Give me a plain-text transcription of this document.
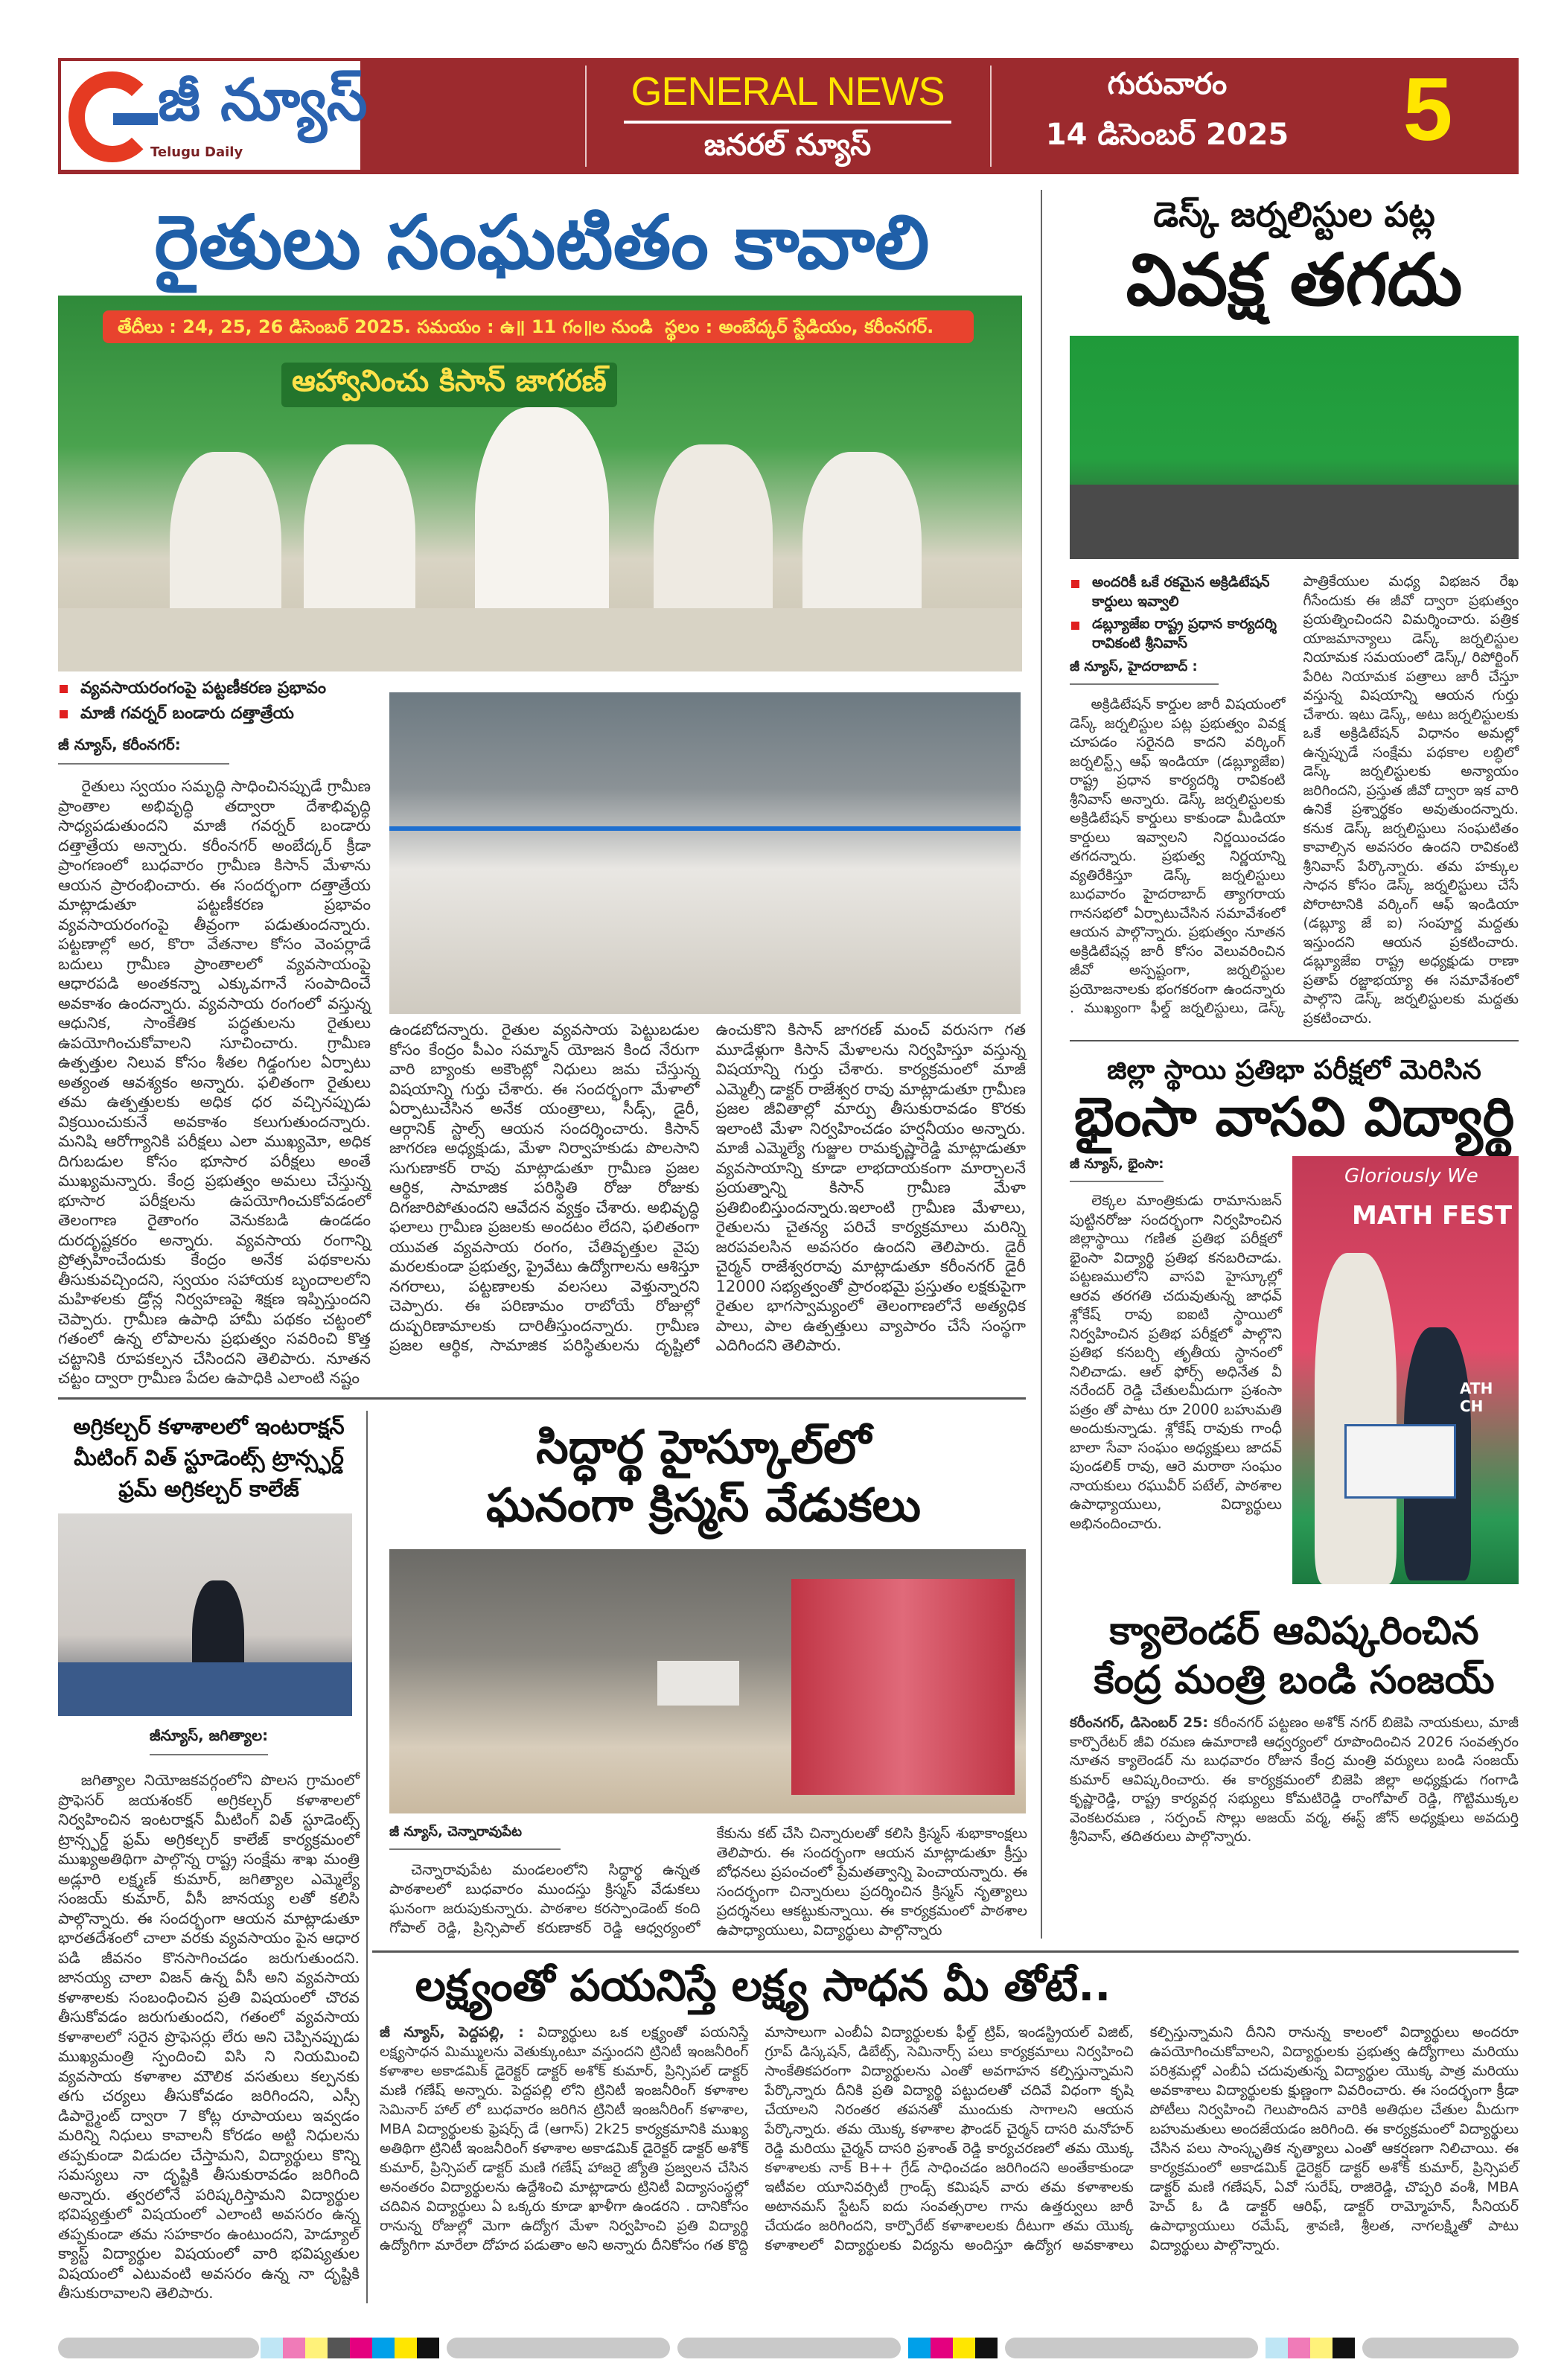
జీ న్యూస్
Telugu Daily
GENERAL NEWS
జనరల్ న్యూస్
గురువారం
14 డిసెంబర్ 2025	5
రైతులు సంఘటితం కావాలి
తేదీలు : 24, 25, 26 డిసెంబర్ 2025. సమయం : ఉ॥ 11 గం॥ల నుండి స్థలం : అంబేద్కర్ స్టేడియం, కరీంనగర్.
ఆహ్వానించు కిసాన్ జాగరణ్
వ్యవసాయరంగంపై పట్టణీకరణ ప్రభావం
మాజీ గవర్నర్ బండారు దత్తాత్రేయ
జీ న్యూస్, కరీంనగర్:
రైతులు స్వయం సమృద్ధి సాధించినప్పుడే గ్రామీణ ప్రాంతాల అభివృద్ధి తద్వారా దేశాభివృద్ధి సాధ్యపడుతుందని మాజీ గవర్నర్ బండారు దత్తాత్రేయ అన్నారు. కరీంనగర్ అంబేద్కర్ క్రీడా ప్రాంగణంలో బుధవారం గ్రామీణ కిసాన్ మేళాను ఆయన ప్రారంభించారు. ఈ సందర్భంగా దత్తాత్రేయ మాట్లాడుతూ పట్టణీకరణ ప్రభావం వ్యవసాయరంగంపై తీవ్రంగా పడుతుందన్నారు. పట్టణాల్లో అర, కొరా వేతనాల కోసం వెంపర్లాడే బదులు గ్రామీణ ప్రాంతాలలో వ్యవసాయంపై ఆధారపడి అంతకన్నా ఎక్కువగానే సంపాదించే అవకాశం ఉందన్నారు. వ్యవసాయ రంగంలో వస్తున్న ఆధునిక, సాంకేతిక పద్ధతులను రైతులు ఉపయోగించుకోవాలని సూచించారు. గ్రామీణ ఉత్పత్తుల నిలువ కోసం శీతల గిడ్డంగుల ఏర్పాటు అత్యంత ఆవశ్యకం అన్నారు. ఫలితంగా రైతులు తమ ఉత్పత్తులకు అధిక ధర వచ్చినప్పుడు విక్రయించుకునే అవకాశం కలుగుతుందన్నారు. మనిషి ఆరోగ్యానికి పరీక్షలు ఎలా ముఖ్యమో, అధిక దిగుబడుల కోసం భూసార పరీక్షలు అంతే ముఖ్యమన్నారు. కేంద్ర ప్రభుత్వం అమలు చేస్తున్న భూసార పరీక్షలను ఉపయోగించుకోవడంలో తెలంగాణ రైతాంగం వెనుకబడి ఉండడం దురదృష్టకరం అన్నారు. వ్యవసాయ రంగాన్ని ప్రోత్సహించేందుకు కేంద్రం అనేక పథకాలను తీసుకువచ్చిందని, స్వయం సహాయక బృందాలలోని మహిళలకు డ్రోన్ల నిర్వహణపై శిక్షణ ఇప్పిస్తుందని చెప్పారు. గ్రామీణ ఉపాధి హామీ పథకం చట్టంలో గతంలో ఉన్న లోపాలను ప్రభుత్వం సవరించి కొత్త చట్టానికి రూపకల్పన చేసిందని తెలిపారు. నూతన చట్టం ద్వారా గ్రామీణ పేదల ఉపాధికి ఎలాంటి నష్టం
ఉండబోదన్నారు. రైతుల వ్యవసాయ పెట్టుబడుల కోసం కేంద్రం పీఎం సమ్మాన్ యోజన కింద నేరుగా వారి బ్యాంకు అకౌంట్లో నిధులు జమ చేస్తున్న విషయాన్ని గుర్తు చేశారు. ఈ సందర్భంగా మేళాలో ఏర్పాటుచేసిన అనేక యంత్రాలు, సీడ్స్, డైరీ, ఆర్గానిక్ స్టాల్స్ ఆయన సందర్శించారు. కిసాన్ జాగరణ అధ్యక్షుడు, మేళా నిర్వాహకుడు పొలసాని సుగుణాకర్ రావు మాట్లాడుతూ గ్రామీణ ప్రజల ఆర్థిక, సామాజిక పరిస్థితి రోజు రోజుకు దిగజారిపోతుందని ఆవేదన వ్యక్తం చేశారు. అభివృద్ధి ఫలాలు గ్రామీణ ప్రజలకు అందటం లేదని, ఫలితంగా యువత వ్యవసాయ రంగం, చేతివృత్తుల వైపు మరలకుండా ప్రభుత్వ, ప్రైవేటు ఉద్యోగాలను ఆశిస్తూ నగరాలు, పట్టణాలకు వలసలు వెళ్తున్నారని చెప్పారు. ఈ పరిణామం రాబోయే రోజుల్లో దుష్పరిణామాలకు దారితీస్తుందన్నారు. గ్రామీణ ప్రజల ఆర్థిక, సామాజిక పరిస్థితులను దృష్టిలో ఉంచుకొని కిసాన్ జాగరణ్ మంచ్ వరుసగా గత మూడేళ్లుగా కిసాన్ మేళాలను నిర్వహిస్తూ వస్తున్న విషయాన్ని గుర్తు చేశారు. కార్యక్రమంలో మాజీ ఎమ్మెల్సీ డాక్టర్ రాజేశ్వర రావు మాట్లాడుతూ గ్రామీణ ప్రజల జీవితాల్లో మార్పు తీసుకురావడం కొరకు ఇలాంటి మేళా నిర్వహించడం హర్షనీయం అన్నారు. మాజీ ఎమ్మెల్యే గుజ్జుల రామకృష్ణారెడ్డి మాట్లాడుతూ వ్యవసాయాన్ని కూడా లాభదాయకంగా మార్చాలనే ప్రయత్నాన్ని కిసాన్ గ్రామీణ మేళా ప్రతిబింబిస్తుందన్నారు.ఇలాంటి గ్రామీణ మేళాలు, రైతులను చైతన్య పరిచే కార్యక్రమాలు మరిన్ని జరపవలసిన అవసరం ఉందని తెలిపారు. డైరీ చైర్మన్ రాజేశ్వరరావు మాట్లాడుతూ కరీంనగర్ డైరీ 12000 సభ్యత్వంతో ప్రారంభమై ప్రస్తుతం లక్షకుపైగా రైతుల భాగస్వామ్యంలో తెలంగాణలోనే అత్యధిక పాలు, పాల ఉత్పత్తులు వ్యాపారం చేసే సంస్థగా ఎదిగిందని తెలిపారు.
డెస్క్ జర్నలిస్టుల పట్ల
వివక్ష తగదు
అందరికీ ఒకే రకమైన అక్రిడిటేషన్ కార్డులు ఇవ్వాలి
డబ్ల్యూజేఐ రాష్ట్ర ప్రధాన కార్యదర్శి రావికంటి శ్రీనివాస్
జీ న్యూస్, హైదరాబాద్ :
అక్రిడిటేషన్ కార్డుల జారీ విషయంలో డెస్క్ జర్నలిస్టుల పట్ల ప్రభుత్వం వివక్ష చూపడం సరైనది కాదని వర్కింగ్ జర్నలిస్ట్స్ ఆఫ్ ఇండియా (డబ్ల్యూజేఐ) రాష్ట్ర ప్రధాన కార్యదర్శి రావికంటి శ్రీనివాస్ అన్నారు. డెస్క్ జర్నలిస్టులకు అక్రిడిటేషన్ కార్డులు కాకుండా మీడియా కార్డులు ఇవ్వాలని నిర్ణయించడం తగదన్నారు. ప్రభుత్వ నిర్ణయాన్ని వ్యతిరేకిస్తూ డెస్క్ జర్నలిస్టులు బుధవారం హైదరాబాద్ త్యాగరాయ గానసభలో ఏర్పాటుచేసిన సమావేశంలో ఆయన పాల్గొన్నారు. ప్రభుత్వం నూతన అక్రిడిటేషన్ల జారీ కోసం వెలువరించిన జీవో అస్పష్టంగా, జర్నలిస్టుల ప్రయోజనాలకు భంగకరంగా ఉందన్నారు . ముఖ్యంగా ఫీల్డ్ జర్నలిస్టులు, డెస్క్ పాత్రికేయుల మధ్య విభజన రేఖ గీసేందుకు ఈ జీవో ద్వారా ప్రభుత్వం ప్రయత్నించిందని విమర్శించారు. పత్రిక యాజమాన్యాలు డెస్క్ జర్నలిస్టుల నియామక సమయంలో డెస్క్/ రిపోర్టింగ్ పేరిట నియామక పత్రాలు జారీ చేస్తూ వస్తున్న విషయాన్ని ఆయన గుర్తు చేశారు. ఇటు డెస్క్, అటు జర్నలిస్టులకు ఒకే అక్రిడిటేషన్ విధానం అమల్లో ఉన్నప్పుడే సంక్షేమ పథకాల లబ్ధిలో డెస్క్ జర్నలిస్టులకు అన్యాయం జరిగిందని, ప్రస్తుత జీవో ద్వారా ఇక వారి ఉనికే ప్రశ్నార్థకం అవుతుందన్నారు. కనుక డెస్క్ జర్నలిస్టులు సంఘటితం కావాల్సిన అవసరం ఉందని రావికంటి శ్రీనివాస్ పేర్కొన్నారు. తమ హక్కుల సాధన కోసం డెస్క్ జర్నలిస్టులు చేసే పోరాటానికి వర్కింగ్ ఆఫ్ ఇండియా (డబ్ల్యూ జే ఐ) సంపూర్ణ మద్దతు ఇస్తుందని ఆయన ప్రకటించారు. డబ్ల్యూజేఐ రాష్ట్ర అధ్యక్షుడు రాణా ప్రతాప్ రజ్జాభయ్యా ఈ సమావేశంలో పాల్గొని డెస్క్ జర్నలిస్టులకు మద్దతు ప్రకటించారు.
జిల్లా స్థాయి ప్రతిభా పరీక్షలో మెరిసిన
భైంసా వాసవి విద్యార్థి
జీ న్యూస్, భైంసా:
లెక్కల మాంత్రికుడు రామానుజన్ పుట్టినరోజు సందర్భంగా నిర్వహించిన జిల్లాస్థాయి గణిత ప్రతిభ పరీక్షలో భైంసా విద్యార్థి ప్రతిభ కనబరిచాడు. పట్టణములోని వాసవి హైస్కూల్లో ఆరవ తరగతి చదువుతున్న జాధవ్ శ్లోకేష్ రావు ఐఐటి స్థాయిలో నిర్వహించిన ప్రతిభ పరీక్షలో పాల్గొని ప్రతిభ కనబర్చి తృతీయ స్థానంలో నిలిచాడు. ఆల్ ఫోర్స్ అధినేత వీ నరేందర్ రెడ్డి చేతులమీదుగా ప్రశంసా పత్రం తో పాటు రూ 2000 బహుమతి అందుకున్నాడు. శ్లోకేష్ రావుకు గాంధీ బాలా సేవా సంఘం అధ్యక్షులు జాదవ్ పుండలిక్ రావు, ఆరె మరాఠా సంఘం నాయకులు రఘువీర్ పటేల్, పాఠశాల ఉపాధ్యాయులు, విద్యార్థులు అభినందించారు.
Gloriously We
MATH FEST
ATH CH
క్యాలెండర్ ఆవిష్కరించిన కేంద్ర మంత్రి బండి సంజయ్
కరీంనగర్, డిసెంబర్ 25: కరీంనగర్ పట్టణం అశోక్ నగర్ బిజెపి నాయకులు, మాజీ కార్పొరేటర్ జీవి రమణ ఉమారాణి ఆధ్వర్యంలో రూపొందించిన 2026 సంవత్సరం నూతన క్యాలెండర్ ను బుధవారం రోజున కేంద్ర మంత్రి వర్యులు బండి సంజయ్ కుమార్ ఆవిష్కరించారు. ఈ కార్యక్రమంలో బిజెపి జిల్లా అధ్యక్షుడు గంగాడి కృష్ణారెడ్డి, రాష్ట్ర కార్యవర్గ సభ్యులు కోమటిరెడ్డి రాంగోపాల్ రెడ్డి, గొట్టిముక్కల వెంకటరమణ , సర్పంచ్ సొల్లు అజయ్ వర్మ, ఈస్ట్ జోన్ అధ్యక్షులు అవదుర్తి శ్రీనివాస్, తదితరులు పాల్గొన్నారు.
అగ్రికల్చర్ కళాశాలలో ఇంటరాక్షన్ మీటింగ్ విత్ స్టూడెంట్స్ ట్రాన్స్ఫర్డ్ ఫ్రమ్ అగ్రికల్చర్ కాలేజ్
జీన్యూస్, జగిత్యాల:
జగిత్యాల నియోజకవర్గంలోని పొలస గ్రామంలో ప్రొఫెసర్ జయశంకర్ అగ్రికల్చర్ కళాశాలలో నిర్వహించిన ఇంటరాక్షన్ మీటింగ్ విత్ స్టూడెంట్స్ ట్రాన్స్ఫర్డ్ ఫ్రమ్ అగ్రికల్చర్ కాలేజ్ కార్యక్రమంలో ముఖ్యఅతిథిగా పాల్గొన్న రాష్ట్ర సంక్షేమ శాఖ మంత్రి అడ్లూరి లక్ష్మణ్ కుమార్, జగిత్యాల ఎమ్మెల్యే సంజయ్ కుమార్, వీసీ జానయ్య లతో కలిసి పాల్గొన్నారు. ఈ సందర్భంగా ఆయన మాట్లాడుతూ భారతదేశంలో చాలా వరకు వ్యవసాయం పైన ఆధార పడి జీవనం కొనసాగించడం జరుగుతుందని. జానయ్య చాలా విజన్ ఉన్న వీసీ అని వ్యవసాయ కళాశాలకు సంబంధించిన ప్రతి విషయంలో చొరవ తీసుకోవడం జరుగుతుందని, గతంలో వ్యవసాయ కళాశాలలో సరైన ప్రొఫెసర్లు లేరు అని చెప్పినప్పుడు ముఖ్యమంత్రి స్పందించి విసి ని నియమించి వ్యవసాయ కళాశాల మౌలిక వసతులు కల్పనకు తగు చర్యలు తీసుకోవడం జరిగిందని, ఎస్సీ డిపార్ట్మెంట్ ద్వారా 7 కోట్ల రూపాయలు ఇవ్వడం మరిన్ని నిధులు కావాలనీ కోరడం అట్టి నిధులను తప్పకుండా విడుదల చేస్తామని, విద్యార్థులు కొన్ని సమస్యలు నా దృష్టికి తీసుకురావడం జరిగింది అన్నారు. త్వరలోనే పరిష్కరిస్తామని విద్యార్థుల భవిష్యత్తులో విషయంలో ఎలాంటి అవసరం ఉన్న తప్పకుండా తమ సహకారం ఉంటుందని, హెడ్యూల్ క్యాస్ట్ విద్యార్థుల విషయంలో వారి భవిష్యతుల విషయంలో ఎటువంటి అవసరం ఉన్న నా దృష్టికి తీసుకురావాలని తెలిపారు.
సిద్ధార్థ హైస్కూల్‌లో
ఘనంగా క్రిస్మస్ వేడుకలు
జీ న్యూస్, చెన్నారావుపేట
చెన్నారావుపేట మండలంలోని సిద్ధార్థ ఉన్నత పాఠశాలలో బుధవారం ముందస్తు క్రిస్మస్ వేడుకలు ఘనంగా జరుపుకున్నారు. పాఠశాల కరస్పాండెంట్ కంది గోపాల్ రెడ్డి, ప్రిన్సిపాల్ కరుణాకర్ రెడ్డి ఆధ్వర్యంలో కేకును కట్ చేసి చిన్నారులతో కలిసి క్రిస్మస్ శుభాకాంక్షలు తెలిపారు. ఈ సందర్భంగా ఆయన మాట్లాడుతూ క్రీస్తు బోధనలు ప్రపంచంలో ప్రేమతత్వాన్ని పెంచాయన్నారు. ఈ సందర్భంగా చిన్నారులు ప్రదర్శించిన క్రిస్మస్ నృత్యాలు ప్రదర్శనలు ఆకట్టుకున్నాయి. ఈ కార్యక్రమంలో పాఠశాల ఉపాధ్యాయులు, విద్యార్థులు పాల్గొన్నారు
లక్ష్యంతో పయనిస్తే లక్ష్య సాధన మీ తోటే..
జీ న్యూస్, పెద్దపల్లి, : విద్యార్థులు ఒక లక్ష్యంతో పయనిస్తే లక్ష్యసాధన మిమ్ములను వెతుక్కుంటూ వస్తుందని ట్రినిటీ ఇంజనీరింగ్ కళాశాల అకాడమిక్ డైరెక్టర్ డాక్టర్ అశోక్ కుమార్, ప్రిన్సిపల్ డాక్టర్ మణి గణేష్ అన్నారు. పెద్దపల్లి లోని ట్రినిటీ ఇంజనీరింగ్ కళాశాల సెమినార్ హాల్ లో బుధవారం జరిగిన ట్రినిటీ ఇంజనీరింగ్ కళాశాల, MBA విద్యార్థులకు ఫ్రెషర్స్ డే (ఆగాస్) 2k25 కార్యక్రమానికి ముఖ్య అతిథిగా ట్రినిటీ ఇంజనీరింగ్ కళాశాల అకాడమిక్ డైరెక్టర్ డాక్టర్ అశోక్ కుమార్, ప్రిన్సిపల్ డాక్టర్ మణి గణేష్ హాజరై జ్యోతి ప్రజ్వలన చేసిన అనంతరం విద్యార్థులను ఉద్దేశించి మాట్లాడారు ట్రినిటీ విద్యాసంస్థల్లో చదివిన విద్యార్థులు ఏ ఒక్కరు కూడా ఖాళీగా ఉండరని . దానికోసం రానున్న రోజుల్లో మెగా ఉద్యోగ మేళా నిర్వహించి ప్రతి విద్యార్థి ఉద్యోగిగా మారేలా దోహద పడుతాం అని అన్నారు దీనికోసం గత కొద్ది మాసాలుగా ఎంబీఏ విద్యార్థులకు ఫీల్డ్ ట్రిప్, ఇండస్ట్రియల్ విజిట్, గ్రూప్ డిస్కషన్, డిబేట్స్, సెమినార్స్ పలు కార్యక్రమాలు నిర్వహించి సాంకేతికపరంగా విద్యార్థులను ఎంతో అవగాహన కల్పిస్తున్నామని పేర్కొన్నారు దీనికి ప్రతి విద్యార్థి పట్టుదలతో చదివే విధంగా కృషి చేయాలని నిరంతర తపనతో ముందుకు సాగాలని ఆయన పేర్కొన్నారు. తమ యొక్క కళాశాల ఫౌండర్ చైర్మన్ దాసరి మనోహర్ రెడ్డి మరియు చైర్మన్ దాసరి ప్రశాంత్ రెడ్డి కార్యచరణలో తమ యొక్క కళాశాలకు నాక్ B++ గ్రేడ్ సాధించడం జరిగిందని అంతేకాకుండా ఇటీవల యూనివర్సిటీ గ్రాండ్స్ కమిషన్ వారు తమ కళాశాలకు అటానమస్ స్టేటస్ ఐదు సంవత్సరాల గాను ఉత్తర్వులు జారీ చేయడం జరిగిందని, కార్పొరేట్ కళాశాలలకు దీటుగా తమ యొక్క కళాశాలలో విద్యార్థులకు విద్యను అందిస్తూ ఉద్యోగ అవకాశాలు కల్పిస్తున్నామని దీనిని రానున్న కాలంలో విద్యార్థులు అందరూ ఉపయోగించుకోవాలని, విద్యార్థులకు ప్రభుత్వ ఉద్యోగాలు మరియు పరిశ్రమల్లో ఎంబీఏ చదువుతున్న విద్యార్థుల యొక్క పాత్ర మరియు అవకాశాలు విద్యార్థులకు క్షుణ్ణంగా వివరించారు. ఈ సందర్భంగా క్రీడా పోటీలు నిర్వహించి గెలుపొందిన వారికి అతిథుల చేతుల మీదుగా బహుమతులు అందజేయడం జరిగింది. ఈ కార్యక్రమంలో విద్యార్థులు చేసిన పలు సాంస్కృతిక నృత్యాలు ఎంతో ఆకర్షణగా నిలిచాయి. ఈ కార్యక్రమంలో అకాడమిక్ డైరెక్టర్ డాక్టర్ అశోక్ కుమార్, ప్రిన్సిపల్ డాక్టర్ మణి గణేషన్, ఏవో సురేష్, రాజిరెడ్డి, చొప్పరి వంశీ, MBA హెచ్ ఓ డి డాక్టర్ ఆరిఫ్, డాక్టర్ రామ్మోహన్, సీనియర్ ఉపాధ్యాయులు రమేష్, శ్రావణి, శ్రీలత, నాగలక్ష్మితో పాటు విద్యార్థులు పాల్గొన్నారు.
